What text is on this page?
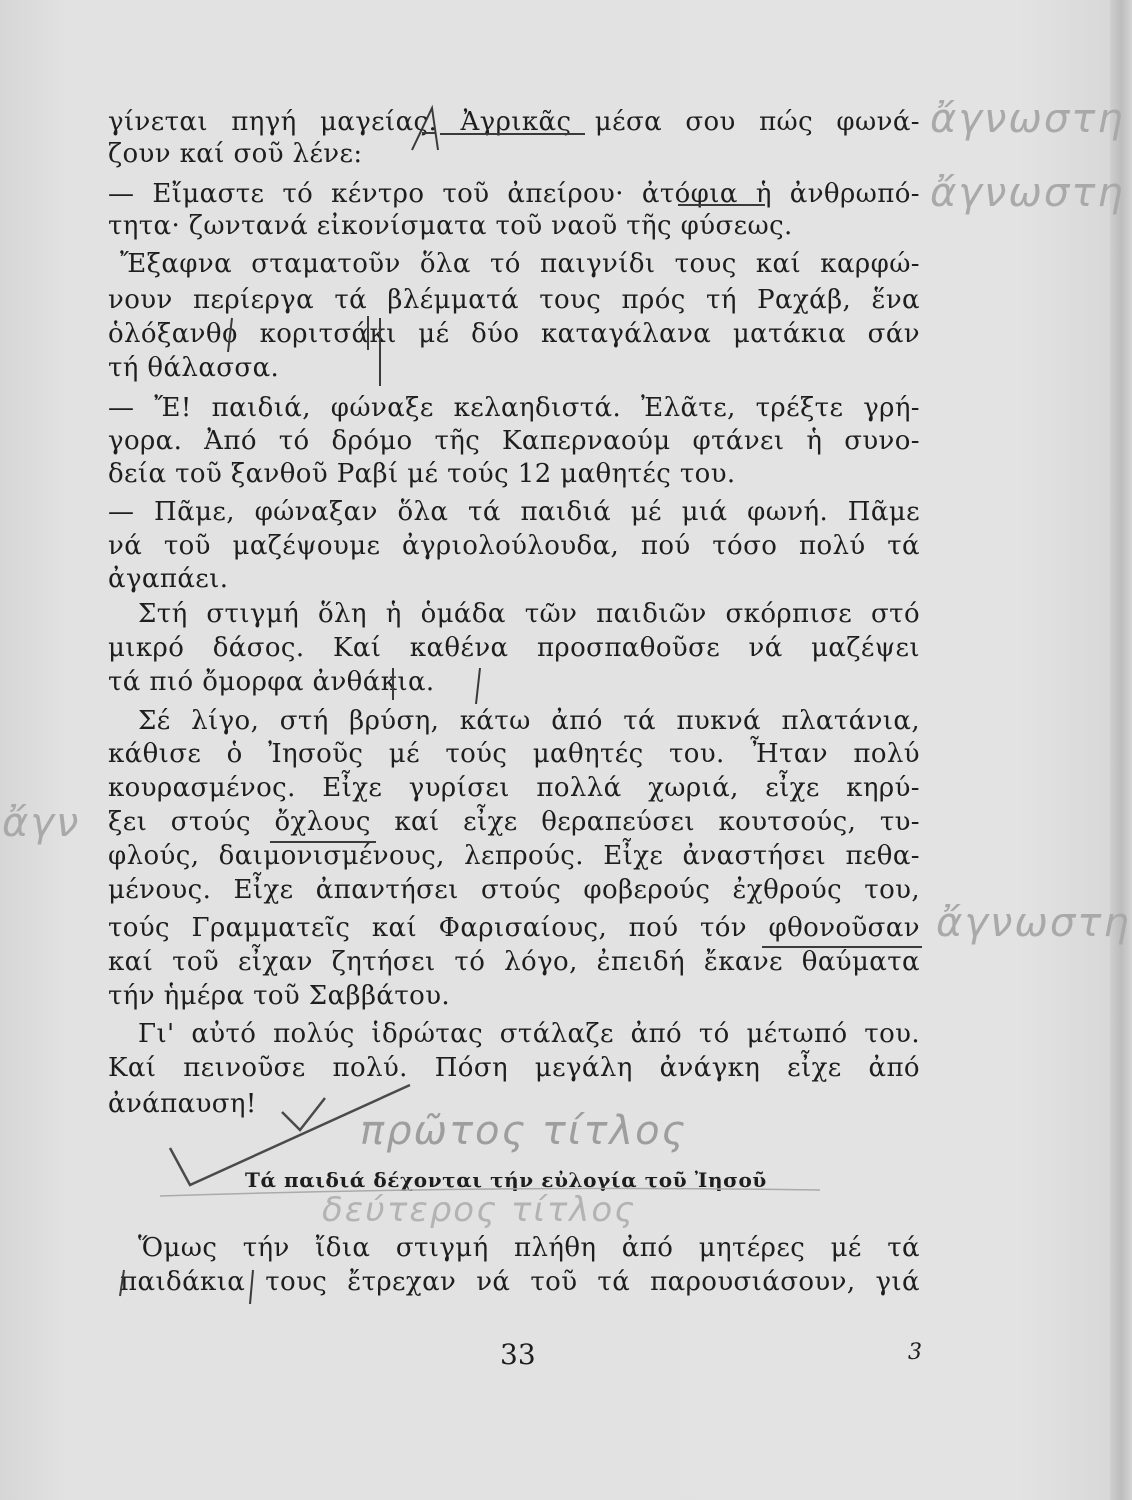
γίνεται πηγή μαγείας. Ἀγρικᾶς μέσα σου πώς φωνά-
ζουν καί σοῦ λένε:
— Εἴμαστε τό κέντρο τοῦ ἀπείρου· ἀτόφια ἡ ἀνθρωπό-
τητα· ζωντανά εἰκονίσματα τοῦ ναοῦ τῆς φύσεως.
Ἔξαφνα σταματοῦν ὅλα τό παιγνίδι τους καί καρφώ-
νουν περίεργα τά βλέμματά τους πρός τή Ραχάβ, ἕνα
ὁλόξανθο κοριτσάκι μέ δύο καταγάλανα ματάκια σάν
τή θάλασσα.
— Ἔ! παιδιά, φώναξε κελαηδιστά. Ἐλᾶτε, τρέξτε γρή-
γορα. Ἀπό τό δρόμο τῆς Καπερναούμ φτάνει ἡ συνο-
δεία τοῦ ξανθοῦ Ραβί μέ τούς 12 μαθητές του.
— Πᾶμε, φώναξαν ὅλα τά παιδιά μέ μιά φωνή. Πᾶμε
νά τοῦ μαζέψουμε ἀγριολούλουδα, πού τόσο πολύ τά
ἀγαπάει.
Στή στιγμή ὅλη ἡ ὁμάδα τῶν παιδιῶν σκόρπισε στό
μικρό δάσος. Καί καθένα προσπαθοῦσε νά μαζέψει
τά πιό ὄμορφα ἀνθάκια.
Σέ λίγο, στή βρύση, κάτω ἀπό τά πυκνά πλατάνια,
κάθισε ὁ Ἰησοῦς μέ τούς μαθητές του. Ἦταν πολύ
κουρασμένος. Εἶχε γυρίσει πολλά χωριά, εἶχε κηρύ-
ξει στούς ὄχλους καί εἶχε θεραπεύσει κουτσούς, τυ-
φλούς, δαιμονισμένους, λεπρούς. Εἶχε ἀναστήσει πεθα-
μένους. Εἶχε ἀπαντήσει στούς φοβερούς ἐχθρούς του,
τούς Γραμματεῖς καί Φαρισαίους, πού τόν φθονοῦσαν
καί τοῦ εἶχαν ζητήσει τό λόγο, ἐπειδή ἔκανε θαύματα
τήν ἡμέρα τοῦ Σαββάτου.
Γι' αὐτό πολύς ἱδρώτας στάλαζε ἀπό τό μέτωπό του.
Καί πεινοῦσε πολύ. Πόση μεγάλη ἀνάγκη εἶχε ἀπό
ἀνάπαυση!
Τά παιδιά δέχονται τήν εὐλογία τοῦ Ἰησοῦ
Ὅμως τήν ἴδια στιγμή πλήθη ἀπό μητέρες μέ τά
παιδάκια τους ἔτρεχαν νά τοῦ τά παρουσιάσουν, γιά
33	3
ἄγνωστη
ἄγνωστη
ἄγν
ἄγνωστη
πρῶτος τίτλος
δεύτερος τίτλος
